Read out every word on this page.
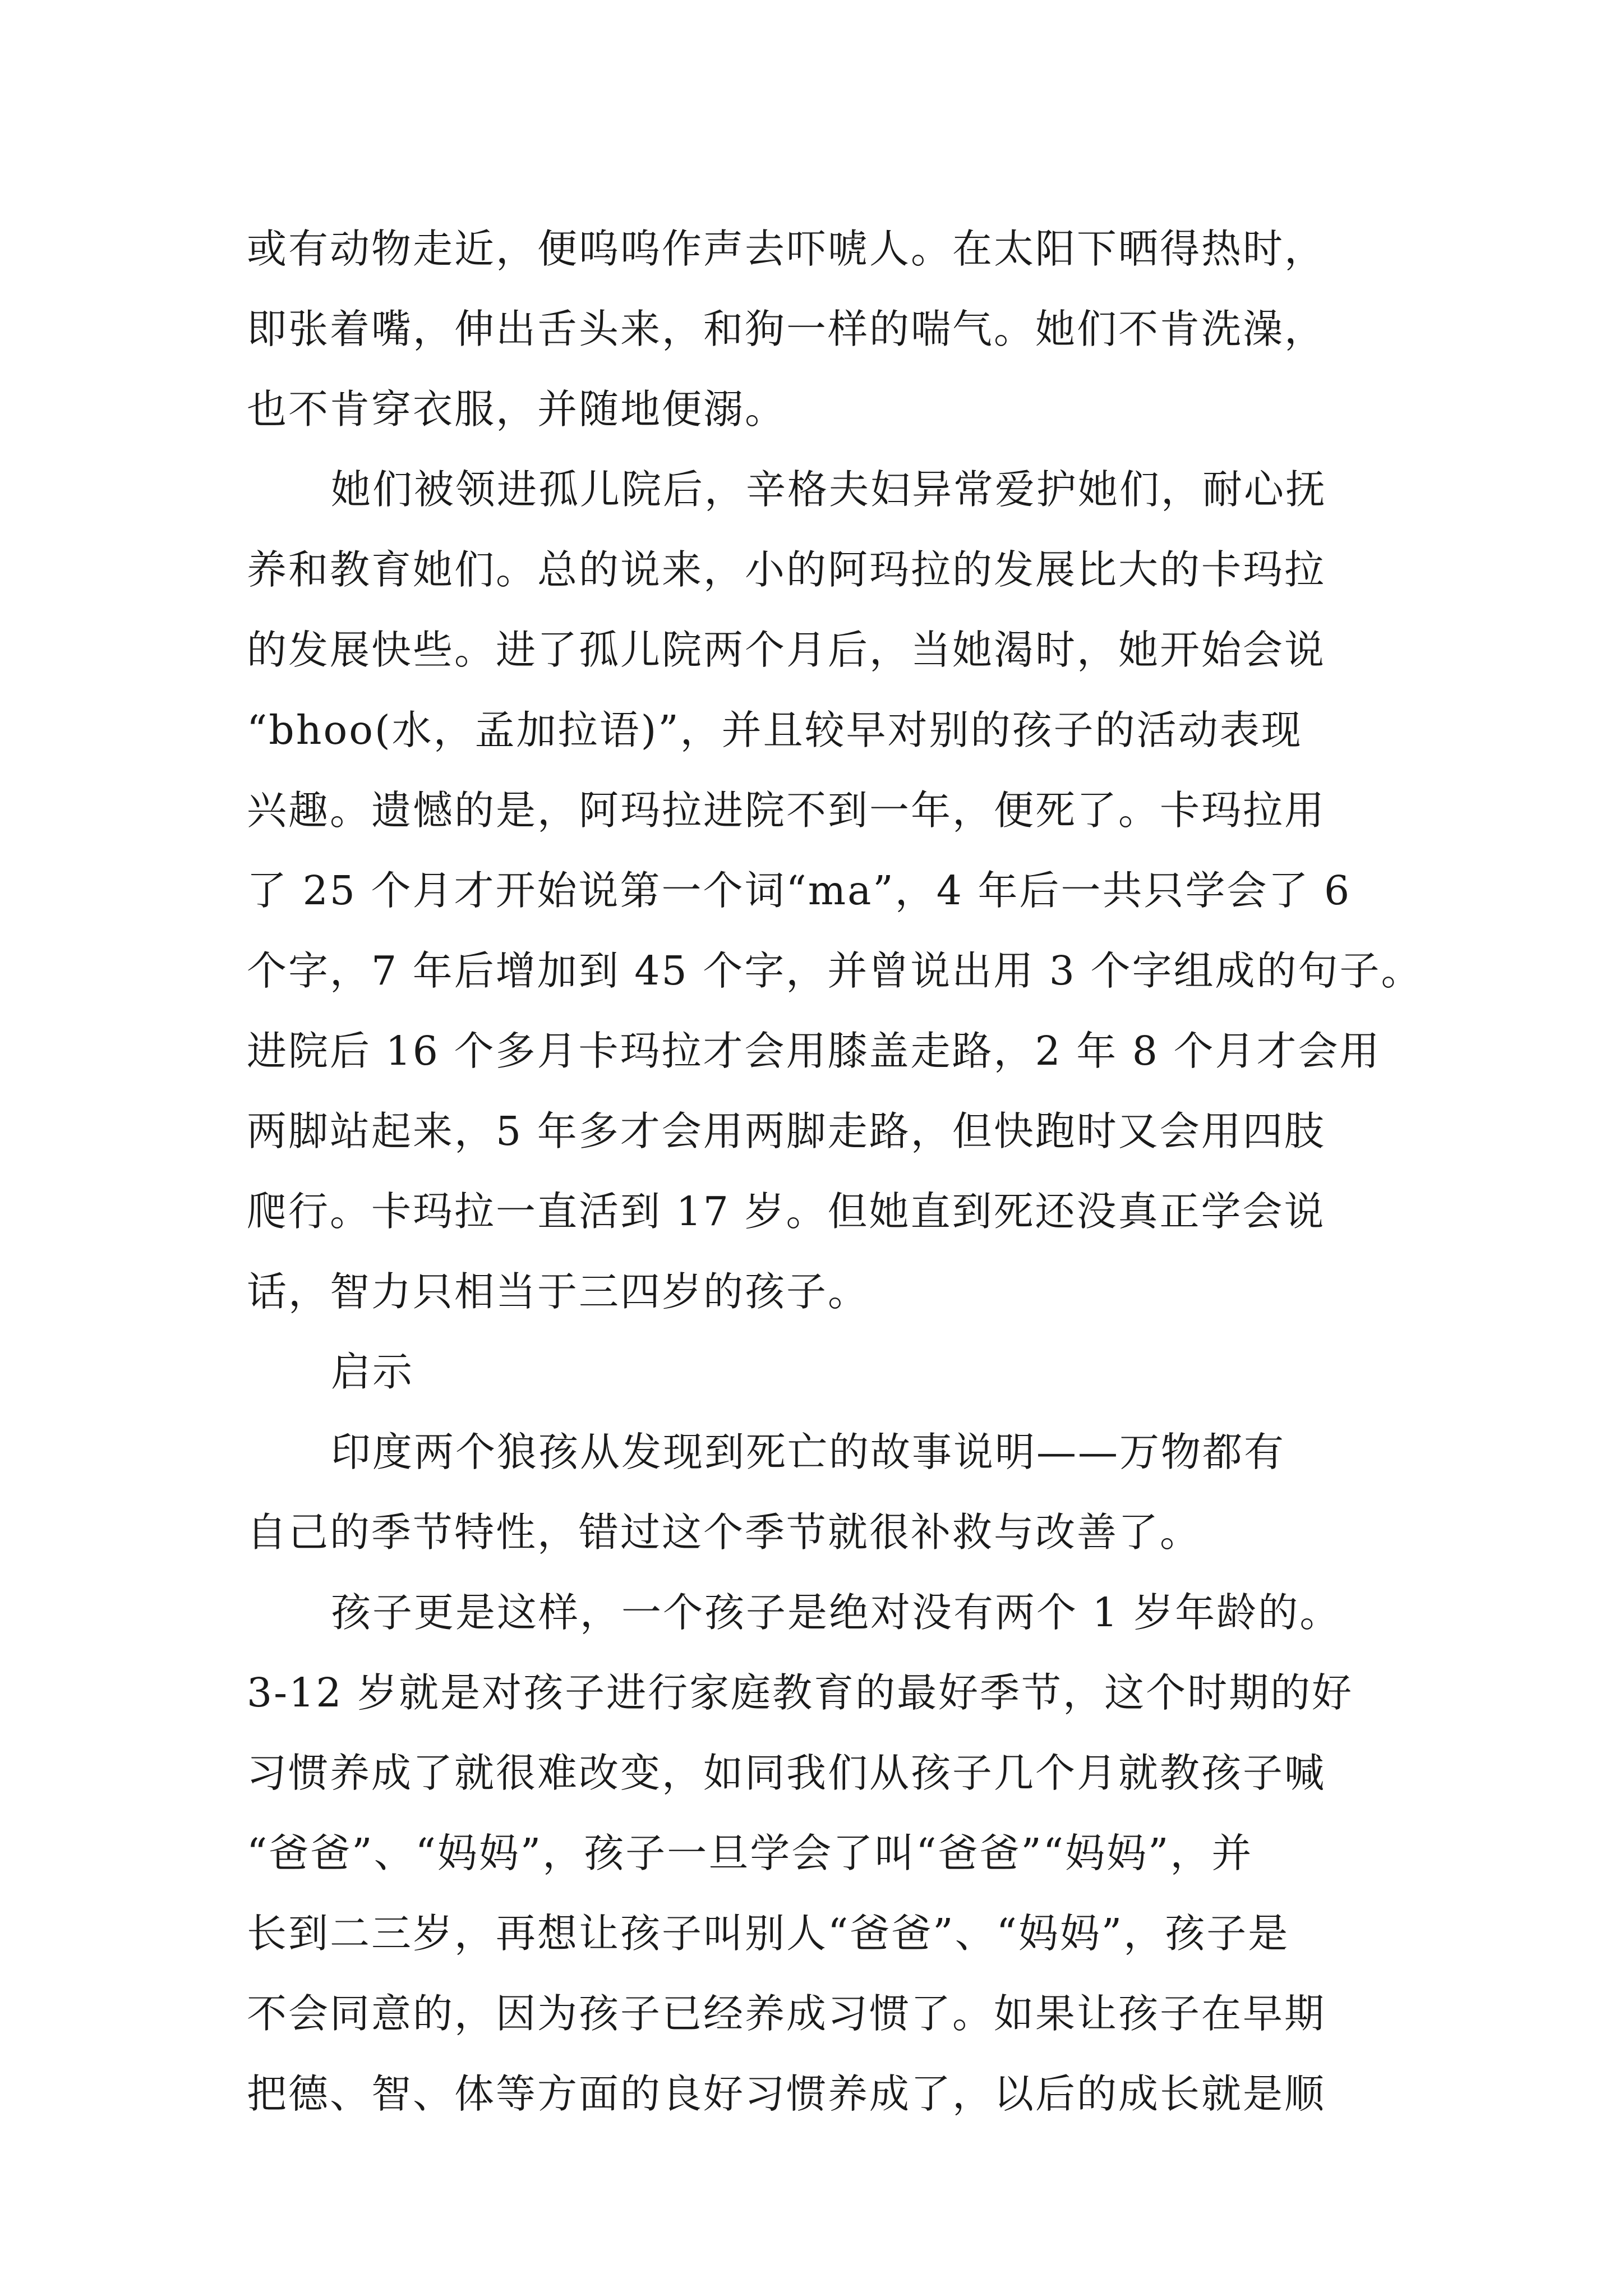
或有动物走近，便呜呜作声去吓唬人。在太阳下晒得热时，
即张着嘴，伸出舌头来，和狗一样的喘气。她们不肯洗澡，
也不肯穿衣服，并随地便溺。
她们被领进孤儿院后，辛格夫妇异常爱护她们，耐心抚
养和教育她们。总的说来，小的阿玛拉的发展比大的卡玛拉
的发展快些。进了孤儿院两个月后，当她渴时，她开始会说
“bhoo(水，孟加拉语)”，并且较早对别的孩子的活动表现
兴趣。遗憾的是，阿玛拉进院不到一年，便死了。卡玛拉用
了 25 个月才开始说第一个词“ma”，4 年后一共只学会了 6
个字，7 年后增加到 45 个字，并曾说出用 3 个字组成的句子。
进院后 16 个多月卡玛拉才会用膝盖走路，2 年 8 个月才会用
两脚站起来，5 年多才会用两脚走路，但快跑时又会用四肢
爬行。卡玛拉一直活到 17 岁。但她直到死还没真正学会说
话，智力只相当于三四岁的孩子。
启示
印度两个狼孩从发现到死亡的故事说明——万物都有
自己的季节特性，错过这个季节就很补救与改善了。
孩子更是这样，一个孩子是绝对没有两个 1 岁年龄的。
3-12 岁就是对孩子进行家庭教育的最好季节，这个时期的好
习惯养成了就很难改变，如同我们从孩子几个月就教孩子喊
“爸爸”、“妈妈”，孩子一旦学会了叫“爸爸”“妈妈”，并
长到二三岁，再想让孩子叫别人“爸爸”、“妈妈”，孩子是
不会同意的，因为孩子已经养成习惯了。如果让孩子在早期
把德、智、体等方面的良好习惯养成了，以后的成长就是顺
